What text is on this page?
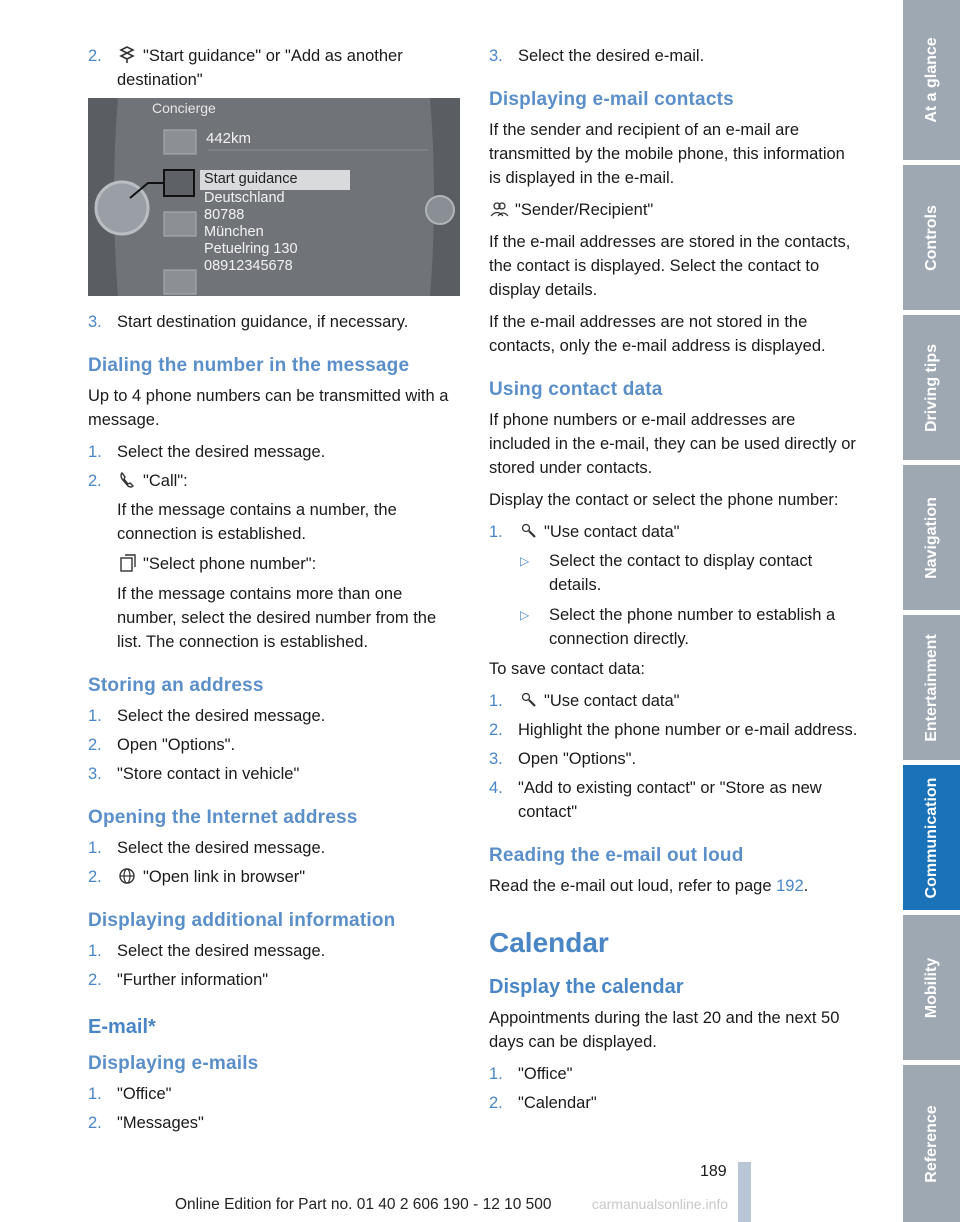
2. "Start guidance" or "Add as another destination"
Concierge
442km
Start guidance
Deutschland
80788
München
Petuelring 130
08912345678
3. Start destination guidance, if necessary.
Dialing the number in the message

Up to 4 phone numbers can be transmitted with a message.

1. Select the desired message.
2. "Call":

If the message contains a number, the connection is established.

"Select phone number":

If the message contains more than one number, select the desired number from the list. The connection is established.

Storing an address
1. Select the desired message.
2. Open "Options".
3. "Store contact in vehicle"
Opening the Internet address
1. Select the desired message.
2. "Open link in browser"
Displaying additional information
1. Select the desired message.
2. "Further information"
E-mail*
Displaying e-mails
1. "Office"
2. "Messages"
3. Select the desired e-mail.
Displaying e-mail contacts

If the sender and recipient of an e-mail are transmitted by the mobile phone, this information is displayed in the e-mail.

"Sender/Recipient"

If the e-mail addresses are stored in the contacts, the contact is displayed. Select the contact to display details.

If the e-mail addresses are not stored in the contacts, only the e-mail address is displayed.

Using contact data

If phone numbers or e-mail addresses are included in the e-mail, they can be used directly or stored under contacts.

Display the contact or select the phone number:

1. "Use contact data"
▷ Select the contact to display contact details.
▷ Select the phone number to establish a connection directly.

To save contact data:

1. "Use contact data"
2. Highlight the phone number or e-mail address.
3. Open "Options".
4. "Add to existing contact" or "Store as new contact"
Reading the e-mail out loud

Read the e-mail out loud, refer to page 192.

Calendar
Display the calendar

Appointments during the last 20 and the next 50 days can be displayed.

1. "Office"
2. "Calendar"
At a glance
Controls
Driving tips
Navigation
Entertainment
Communication
Mobility
Reference
189
Online Edition for Part no. 01 40 2 606 190 - 12 10 500	carmanualsonline.info
